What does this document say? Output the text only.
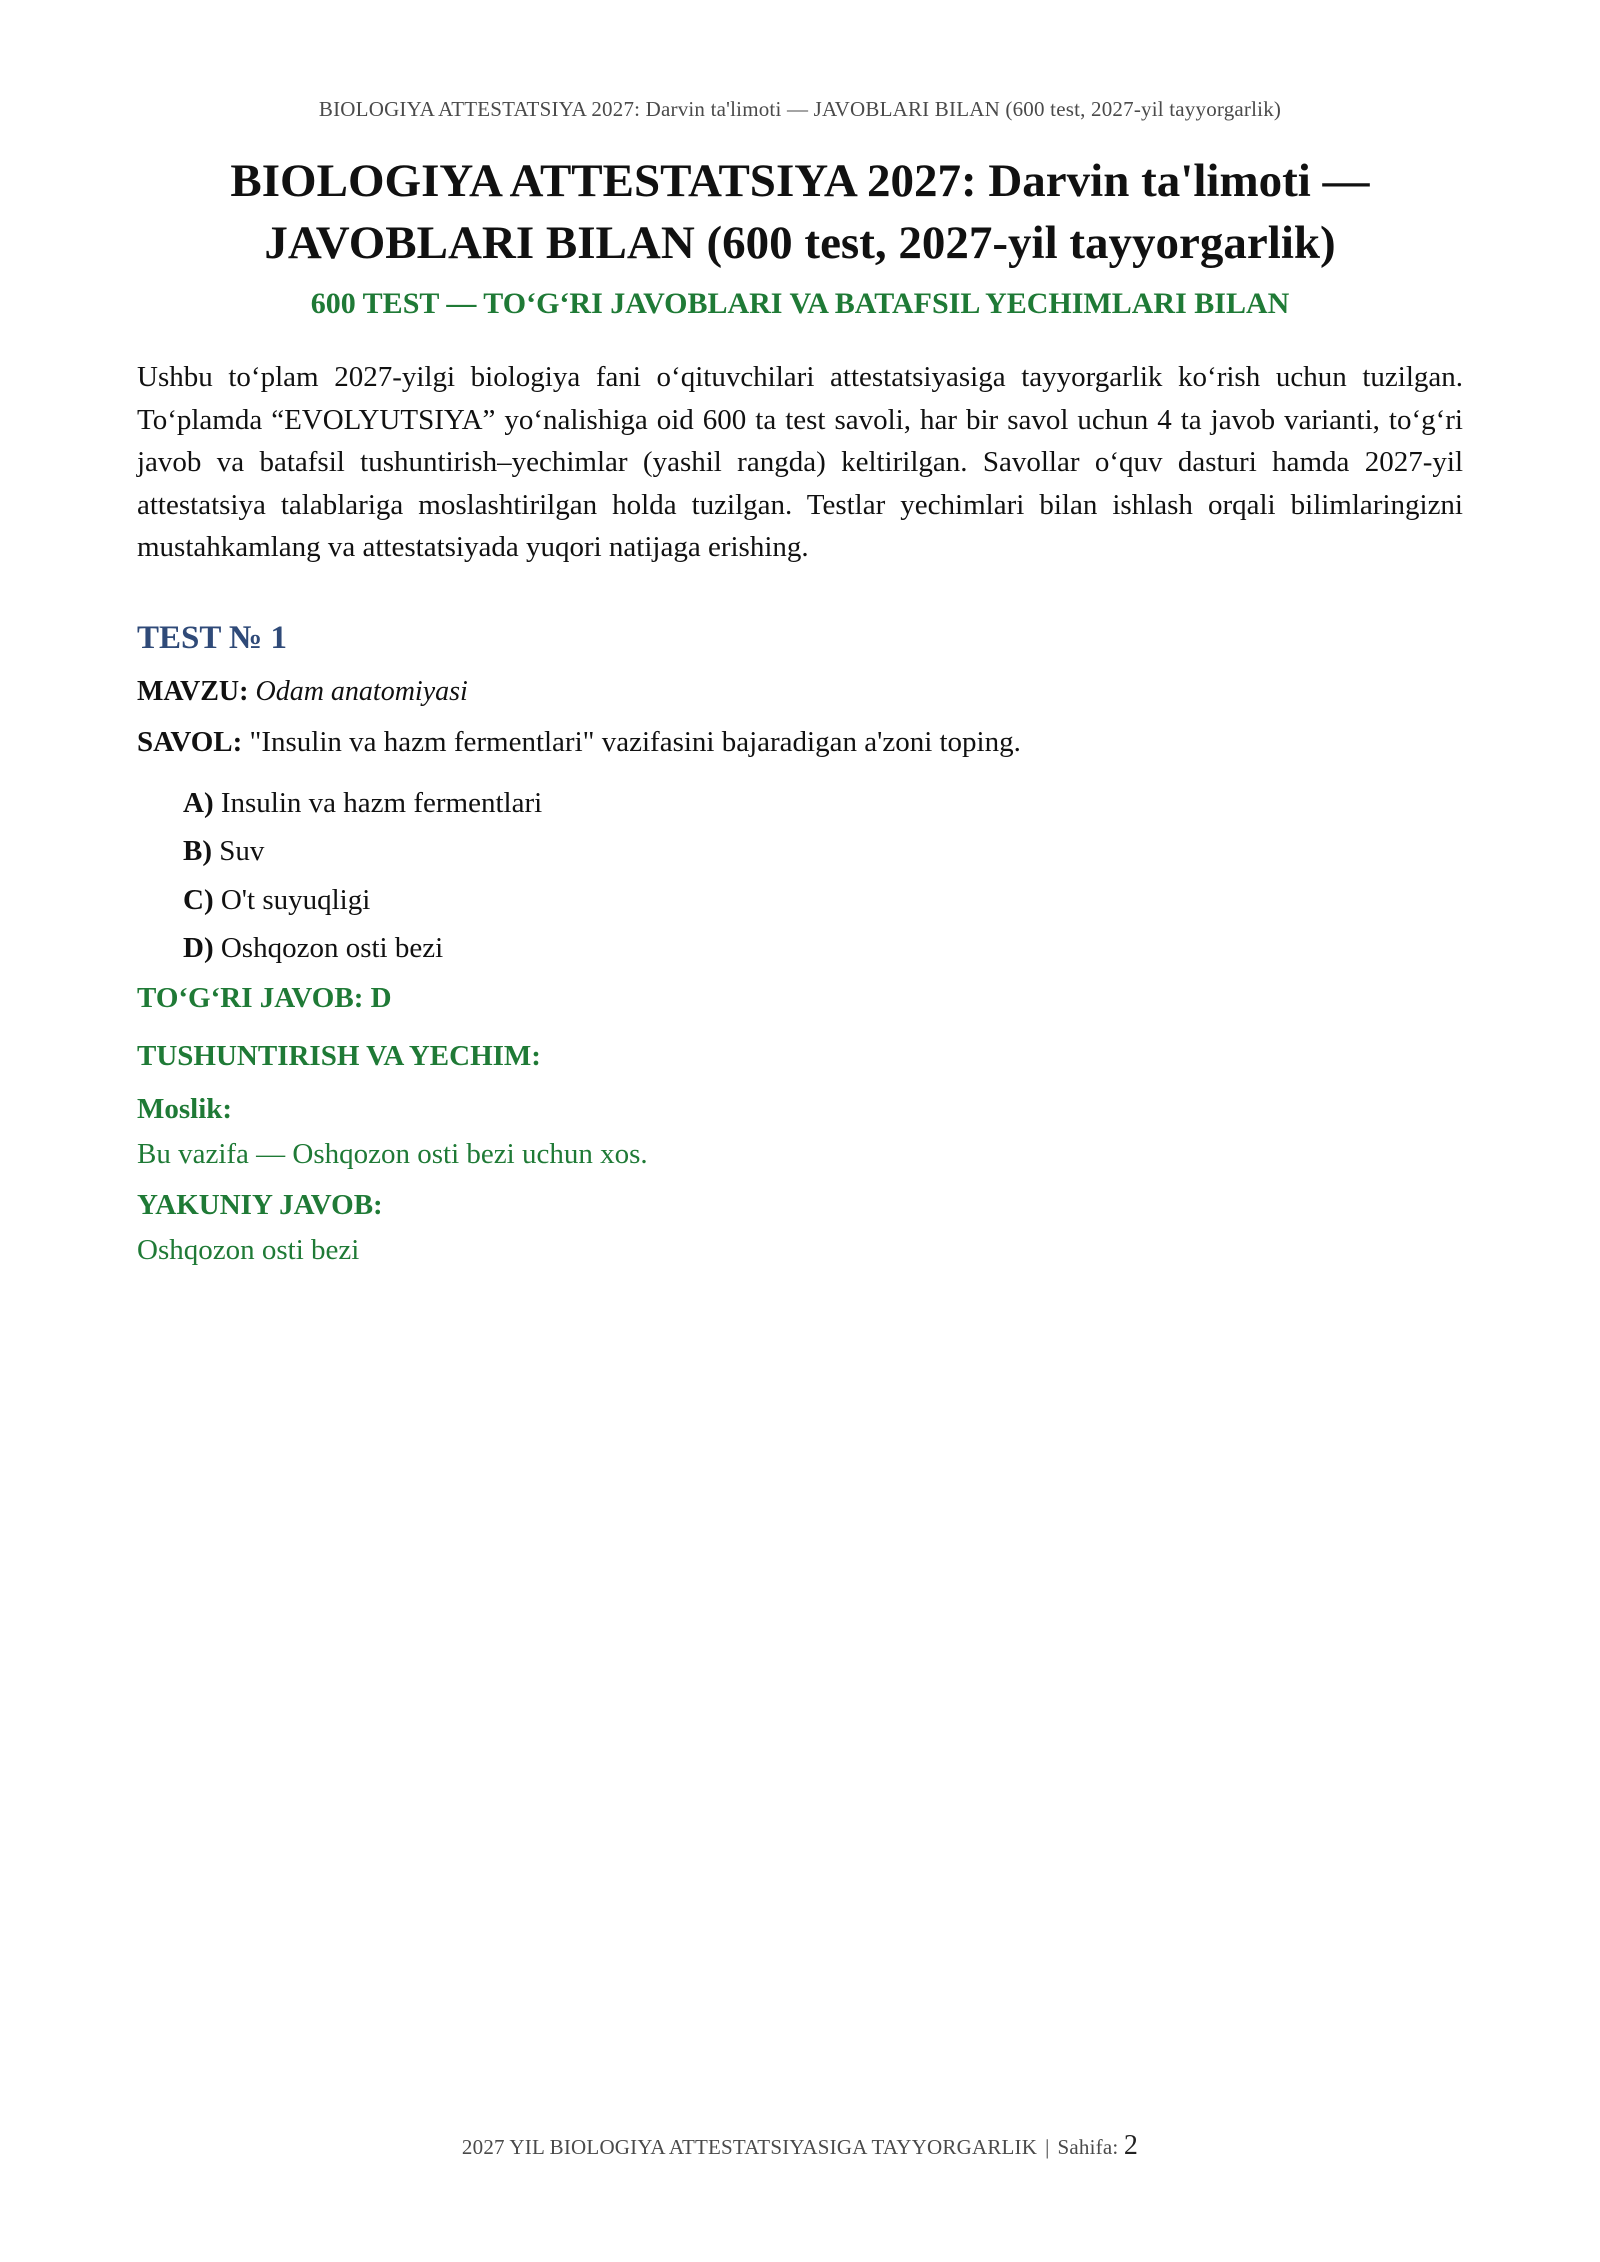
BIOLOGIYA ATTESTATSIYA 2027: Darvin ta'limoti — JAVOBLARI BILAN (600 test, 2027-yil tayyorgarlik)
BIOLOGIYA ATTESTATSIYA 2027: Darvin ta'limoti —
JAVOBLARI BILAN (600 test, 2027-yil tayyorgarlik)
600 TEST — TO‘G‘RI JAVOBLARI VA BATAFSIL YECHIMLARI BILAN

Ushbu to‘plam 2027-yilgi biologiya fani o‘qituvchilari attestatsiyasiga tayyorgarlik ko‘rish uchun tuzilgan. To‘plamda “EVOLYUTSIYA” yo‘nalishiga oid 600 ta test savoli, har bir savol uchun 4 ta javob varianti, to‘g‘ri javob va batafsil tushuntirish–yechimlar (yashil rangda) keltirilgan. Savollar o‘quv dasturi hamda 2027-yil attestatsiya talablariga moslashtirilgan holda tuzilgan. Testlar yechimlari bilan ishlash orqali bilimlaringizni mustahkamlang va attestatsiyada yuqori natijaga erishing.

TEST № 1
MAVZU: Odam anatomiyasi
SAVOL: "Insulin va hazm fermentlari" vazifasini bajaradigan a'zoni toping.
A) Insulin va hazm fermentlari
B) Suv
C) O't suyuqligi
D) Oshqozon osti bezi
TO‘G‘RI JAVOB: D
TUSHUNTIRISH VA YECHIM:
Moslik:
Bu vazifa — Oshqozon osti bezi uchun xos.
YAKUNIY JAVOB:
Oshqozon osti bezi
2027 YIL BIOLOGIYA ATTESTATSIYASIGA TAYYORGARLIK | Sahifa: 2
